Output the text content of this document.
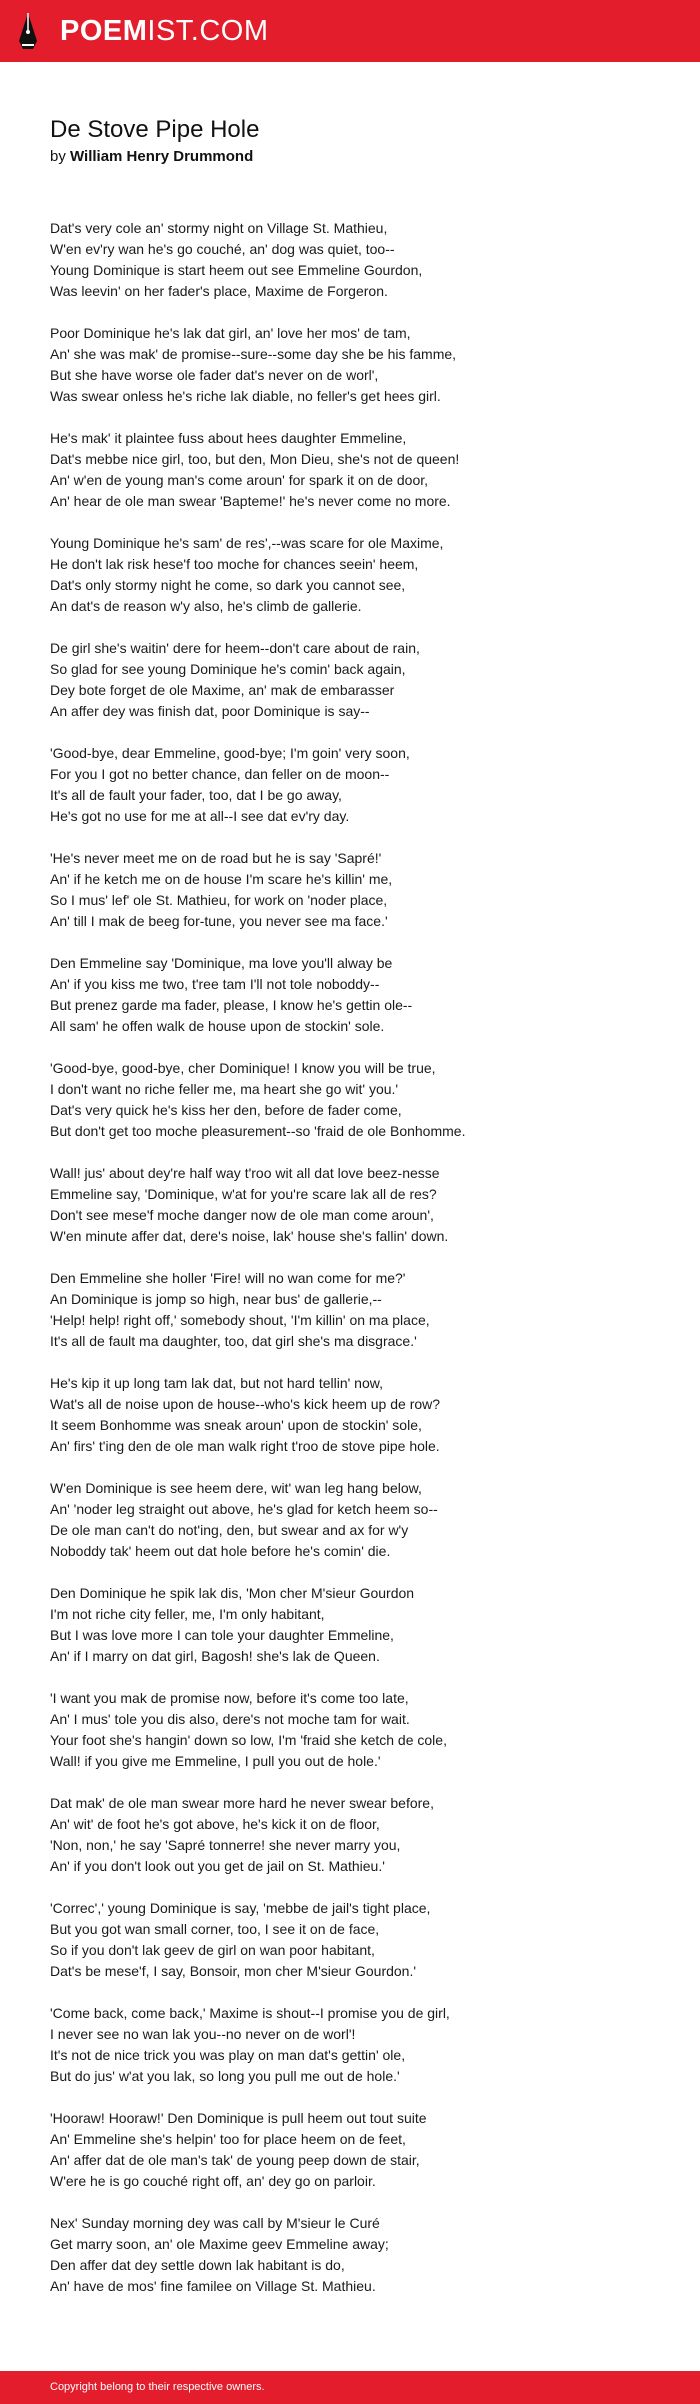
POEMIST.COM
De Stove Pipe Hole
by William Henry Drummond
Dat's very cole an' stormy night on Village St. Mathieu,
W'en ev'ry wan he's go couché, an' dog was quiet, too--
Young Dominique is start heem out see Emmeline Gourdon,
Was leevin' on her fader's place, Maxime de Forgeron.
Poor Dominique he's lak dat girl, an' love her mos' de tam,
An' she was mak' de promise--sure--some day she be his famme,
But she have worse ole fader dat's never on de worl',
Was swear onless he's riche lak diable, no feller's get hees girl.
He's mak' it plaintee fuss about hees daughter Emmeline,
Dat's mebbe nice girl, too, but den, Mon Dieu, she's not de queen!
An' w'en de young man's come aroun' for spark it on de door,
An' hear de ole man swear 'Bapteme!' he's never come no more.
Young Dominique he's sam' de res',--was scare for ole Maxime,
He don't lak risk hese'f too moche for chances seein' heem,
Dat's only stormy night he come, so dark you cannot see,
An dat's de reason w'y also, he's climb de gallerie.
De girl she's waitin' dere for heem--don't care about de rain,
So glad for see young Dominique he's comin' back again,
Dey bote forget de ole Maxime, an' mak de embarasser
An affer dey was finish dat, poor Dominique is say--
'Good-bye, dear Emmeline, good-bye; I'm goin' very soon,
For you I got no better chance, dan feller on de moon--
It's all de fault your fader, too, dat I be go away,
He's got no use for me at all--I see dat ev'ry day.
'He's never meet me on de road but he is say 'Sapré!'
An' if he ketch me on de house I'm scare he's killin' me,
So I mus' lef' ole St. Mathieu, for work on 'noder place,
An' till I mak de beeg for-tune, you never see ma face.'
Den Emmeline say 'Dominique, ma love you'll alway be
An' if you kiss me two, t'ree tam I'll not tole noboddy--
But prenez garde ma fader, please, I know he's gettin ole--
All sam' he offen walk de house upon de stockin' sole.
'Good-bye, good-bye, cher Dominique! I know you will be true,
I don't want no riche feller me, ma heart she go wit' you.'
Dat's very quick he's kiss her den, before de fader come,
But don't get too moche pleasurement--so 'fraid de ole Bonhomme.
Wall! jus' about dey're half way t'roo wit all dat love beez-nesse
Emmeline say, 'Dominique, w'at for you're scare lak all de res?
Don't see mese'f moche danger now de ole man come aroun',
W'en minute affer dat, dere's noise, lak' house she's fallin' down.
Den Emmeline she holler 'Fire! will no wan come for me?'
An Dominique is jomp so high, near bus' de gallerie,--
'Help! help! right off,' somebody shout, 'I'm killin' on ma place,
It's all de fault ma daughter, too, dat girl she's ma disgrace.'
He's kip it up long tam lak dat, but not hard tellin' now,
Wat's all de noise upon de house--who's kick heem up de row?
It seem Bonhomme was sneak aroun' upon de stockin' sole,
An' firs' t'ing den de ole man walk right t'roo de stove pipe hole.
W'en Dominique is see heem dere, wit' wan leg hang below,
An' 'noder leg straight out above, he's glad for ketch heem so--
De ole man can't do not'ing, den, but swear and ax for w'y
Noboddy tak' heem out dat hole before he's comin' die.
Den Dominique he spik lak dis, 'Mon cher M'sieur Gourdon
I'm not riche city feller, me, I'm only habitant,
But I was love more I can tole your daughter Emmeline,
An' if I marry on dat girl, Bagosh! she's lak de Queen.
'I want you mak de promise now, before it's come too late,
An' I mus' tole you dis also, dere's not moche tam for wait.
Your foot she's hangin' down so low, I'm 'fraid she ketch de cole,
Wall! if you give me Emmeline, I pull you out de hole.'
Dat mak' de ole man swear more hard he never swear before,
An' wit' de foot he's got above, he's kick it on de floor,
'Non, non,' he say 'Sapré tonnerre! she never marry you,
An' if you don't look out you get de jail on St. Mathieu.'
'Correc',' young Dominique is say, 'mebbe de jail's tight place,
But you got wan small corner, too, I see it on de face,
So if you don't lak geev de girl on wan poor habitant,
Dat's be mese'f, I say, Bonsoir, mon cher M'sieur Gourdon.'
'Come back, come back,' Maxime is shout--I promise you de girl,
I never see no wan lak you--no never on de worl'!
It's not de nice trick you was play on man dat's gettin' ole,
But do jus' w'at you lak, so long you pull me out de hole.'
'Hooraw! Hooraw!' Den Dominique is pull heem out tout suite
An' Emmeline she's helpin' too for place heem on de feet,
An' affer dat de ole man's tak' de young peep down de stair,
W'ere he is go couché right off, an' dey go on parloir.
Nex' Sunday morning dey was call by M'sieur le Curé
Get marry soon, an' ole Maxime geev Emmeline away;
Den affer dat dey settle down lak habitant is do,
An' have de mos' fine familee on Village St. Mathieu.
Copyright belong to their respective owners.
